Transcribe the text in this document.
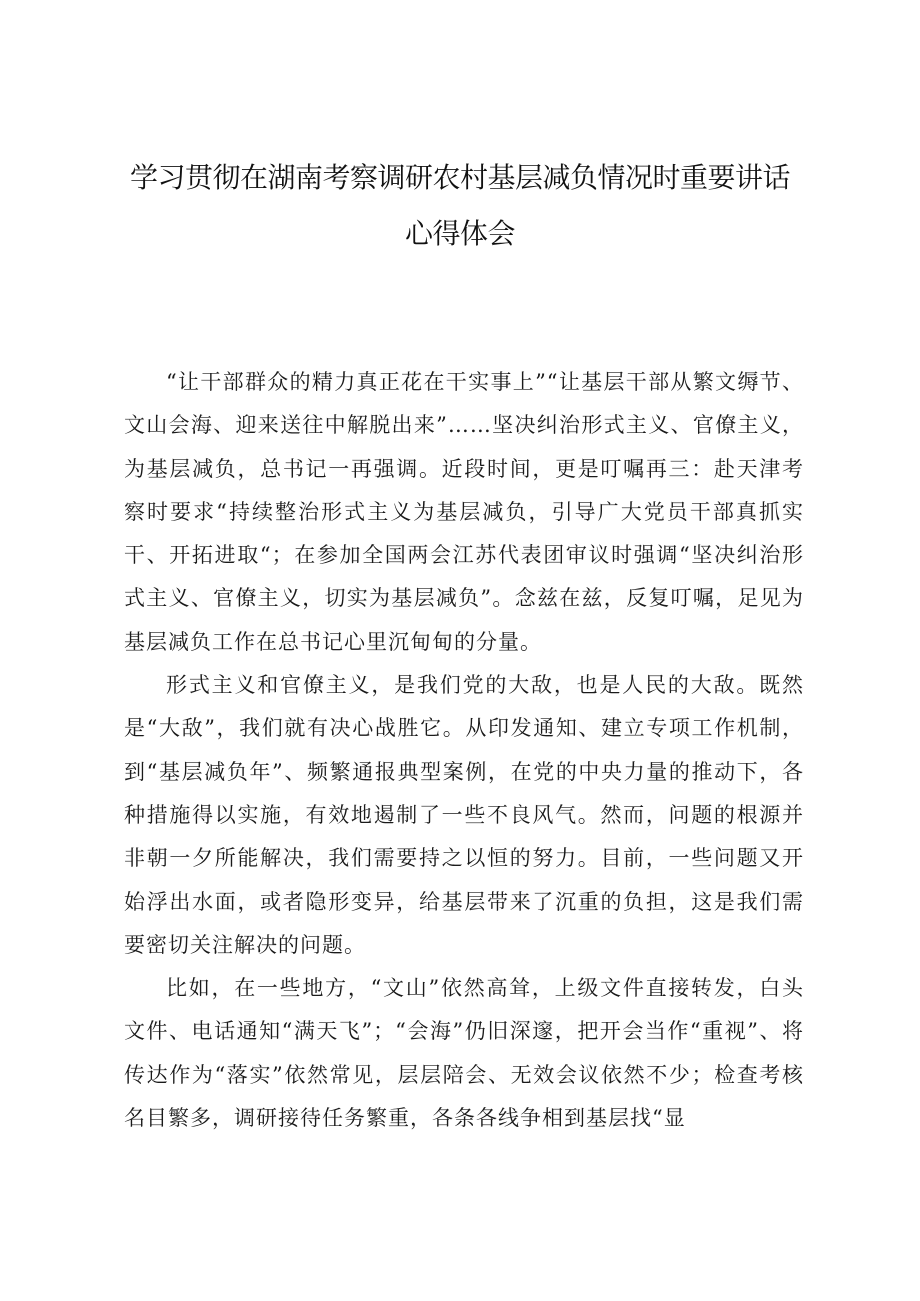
学习贯彻在湖南考察调研农村基层减负情况时重要讲话
心得体会

“让干部群众的精力真正花在干实事上”“让基层干部从繁文缛节、文山会海、迎来送往中解脱出来”……坚决纠治形式主义、官僚主义，为基层减负，总书记一再强调。近段时间，更是叮嘱再三：赴天津考察时要求“持续整治形式主义为基层减负，引导广大党员干部真抓实干、开拓进取“；在参加全国两会江苏代表团审议时强调“坚决纠治形式主义、官僚主义，切实为基层减负”。念兹在兹，反复叮嘱，足见为基层减负工作在总书记心里沉甸甸的分量。

形式主义和官僚主义，是我们党的大敌，也是人民的大敌。既然是“大敌”，我们就有决心战胜它。从印发通知、建立专项工作机制，到“基层减负年”、频繁通报典型案例，在党的中央力量的推动下，各种措施得以实施，有效地遏制了一些不良风气。然而，问题的根源并非朝一夕所能解决，我们需要持之以恒的努力。目前，一些问题又开始浮出水面，或者隐形变异，给基层带来了沉重的负担，这是我们需要密切关注解决的问题。

比如，在一些地方，“文山”依然高耸，上级文件直接转发，白头文件、电话通知“满天飞”；“会海”仍旧深邃，把开会当作“重视”、将传达作为“落实”依然常见，层层陪会、无效会议依然不少；检查考核名目繁多，调研接待任务繁重，各条各线争相到基层找“显
